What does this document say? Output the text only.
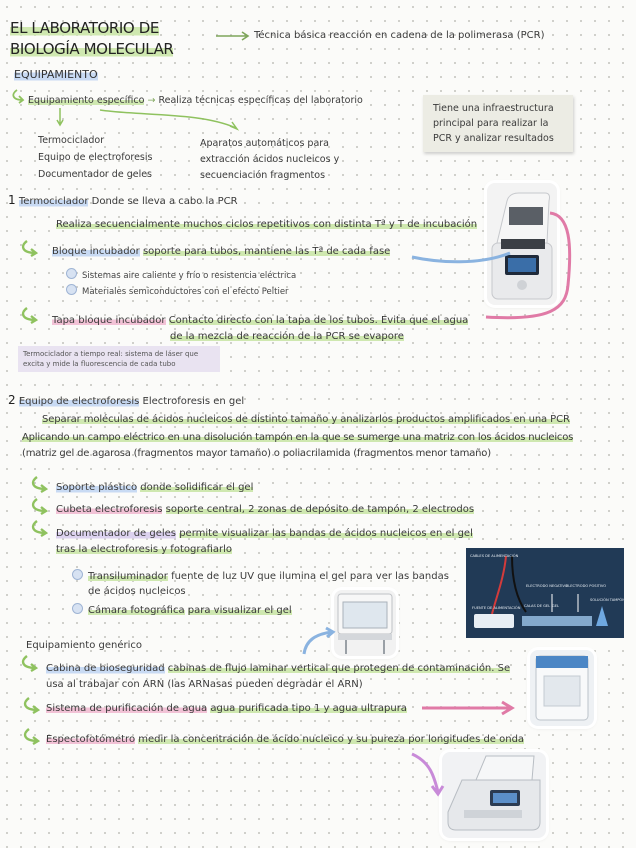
EL LABORATORIO DE
BIOLOGÍA MOLECULAR
Técnica básica reacción en cadena de la polimerasa (PCR)
EQUIPAMIENTO
Equipamiento específico → Realiza técnicas específicas del laboratorio
Termociclador
Equipo de electroforesis
Documentador de geles
Aparatos automáticos para
extracción ácidos nucleicos y
secuenciación fragmentos
Tiene una infraestructura principal para realizar la PCR y analizar resultados
1 Termociclador Donde se lleva a cabo la PCR
Realiza secuencialmente muchos ciclos repetitivos con distinta Tª y T de incubación
Bloque incubador soporte para tubos, mantiene las Tª de cada fase
Sistemas aire caliente y frío o resistencia eléctrica
Materiales semiconductores con el efecto Peltier
Tapa bloque incubador Contacto directo con la tapa de los tubos. Evita que el agua
de la mezcla de reacción de la PCR se evapore
Termociclador a tiempo real: sistema de láser que excita y mide la fluorescencia de cada tubo
2 Equipo de electroforesis Electroforesis en gel
Separar moléculas de ácidos nucleicos de distinto tamaño y analizarlos productos amplificados en una PCR
Aplicando un campo eléctrico en una disolución tampón en la que se sumerge una matriz con los ácidos nucleicos
(matriz gel de agarosa (fragmentos mayor tamaño) o poliacrilamida (fragmentos menor tamaño)
Soporte plástico donde solidificar el gel
Cubeta electroforesis soporte central, 2 zonas de depósito de tampón, 2 electrodos
Documentador de geles permite visualizar las bandas de ácidos nucleicos en el gel
tras la electroforesis y fotografiarlo
Transiluminador fuente de luz UV que ilumina el gel para ver las bandas
de ácidos nucleicos
Cámara fotográfica para visualizar el gel
CABLES DE ALIMENTACIÓN
ELECTRODO NEGATIVO
ELECTRODO POSITIVO
FUENTE DE ALIMENTACIÓN CALAS DE GEL GEL
SOLUCIÓN TAMPÓN
Equipamiento genérico
Cabina de bioseguridad cabinas de flujo laminar vertical que protegen de contaminación. Se
usa al trabajar con ARN (las ARNasas pueden degradar el ARN)
Sistema de purificación de agua agua purificada tipo 1 y agua ultrapura
Espectofotómetro medir la concentración de ácido nucleico y su pureza por longitudes de onda
